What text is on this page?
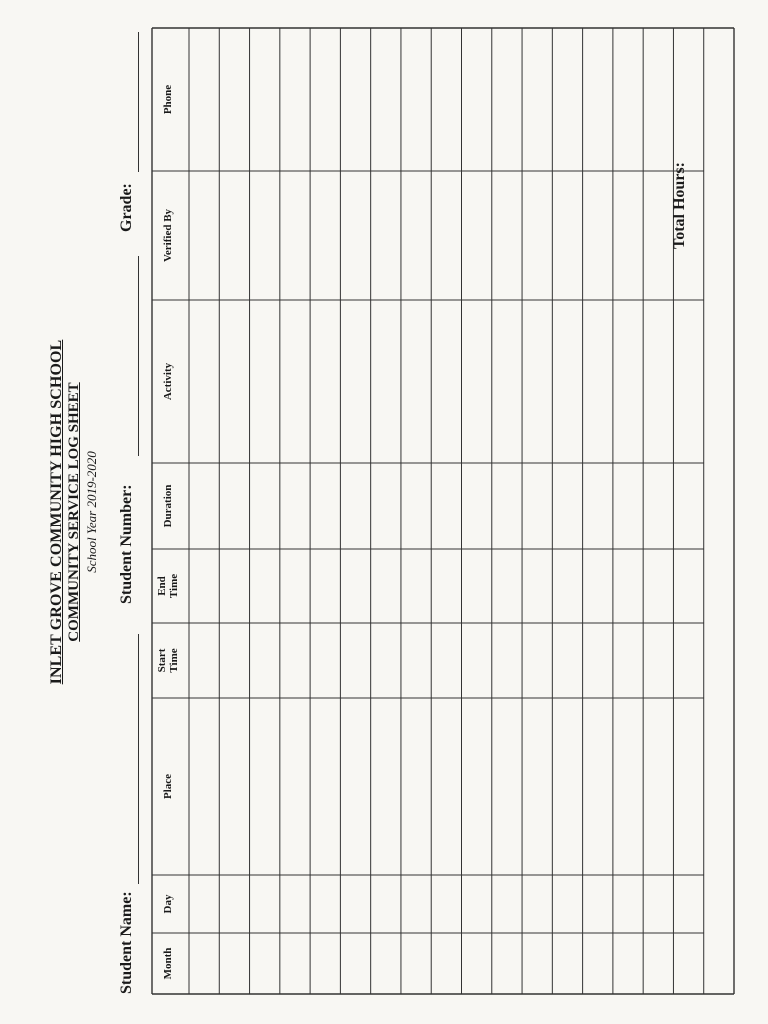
INLET GROVE COMMUNITY HIGH SCHOOL COMMUNITY SERVICE LOG SHEET School Year 2019-2020
Student Name:
Student Number:
Grade:
Month
Day
Place
Start Time
End Time
Duration
Activity
Verified By
Phone
Total Hours:
